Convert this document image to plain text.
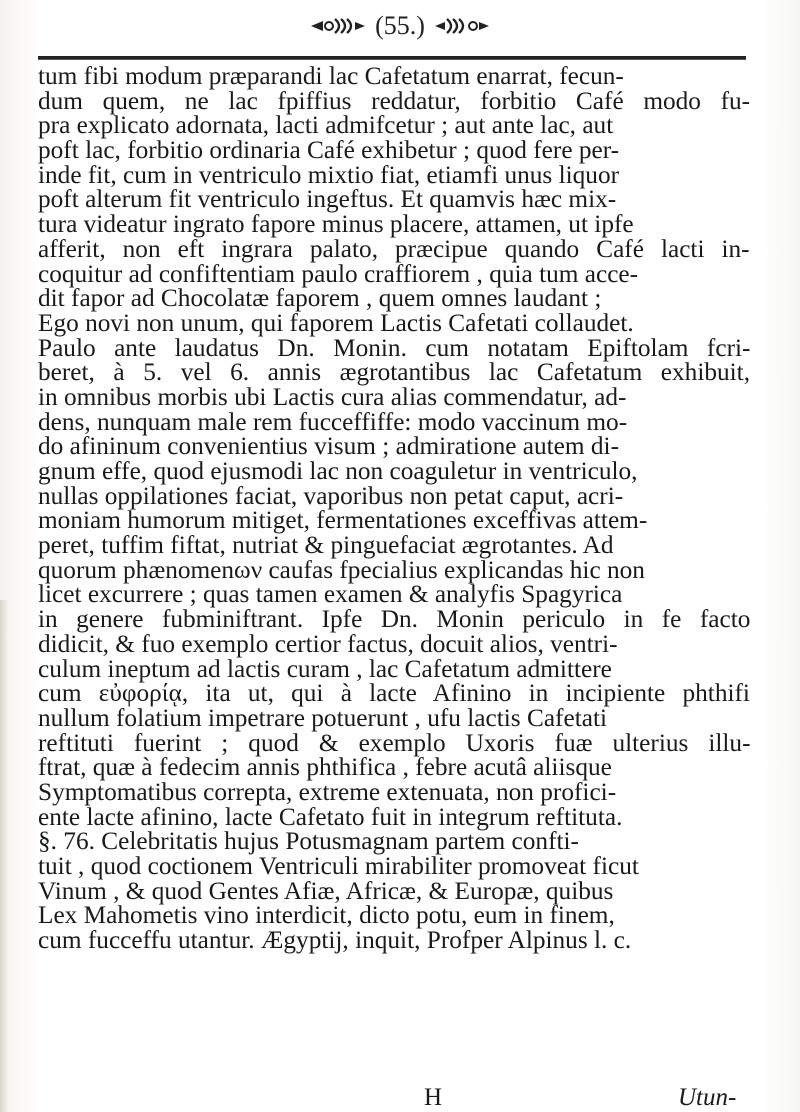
(55.)
tum fibi modum præparandi lac Cafetatum enarrat, fecun-
dum quem, ne lac fpiffius reddatur, forbitio Café modo fu-
pra explicato adornata, lacti admifcetur ; aut ante lac, aut
poft lac, forbitio ordinaria Café exhibetur ; quod fere per-
inde fit, cum in ventriculo mixtio fiat, etiamfi unus liquor
poft alterum fit ventriculo ingeftus. Et quamvis hæc mix-
tura videatur ingrato fapore minus placere, attamen, ut ipfe
afferit, non eft ingrara palato, præcipue quando Café lacti in-
coquitur ad confiftentiam paulo craffiorem , quia tum acce-
dit fapor ad Chocolatæ faporem , quem omnes laudant ;
Ego novi non unum, qui faporem Lactis Cafetati collaudet.
Paulo ante laudatus Dn. Monin. cum notatam Epiftolam fcri-
beret, à 5. vel 6. annis ægrotantibus lac Cafetatum exhibuit,
in omnibus morbis ubi Lactis cura alias commendatur, ad-
dens, nunquam male rem fucceffiffe: modo vaccinum mo-
do afininum convenientius visum ; admiratione autem di-
gnum effe, quod ejusmodi lac non coaguletur in ventriculo,
nullas oppilationes faciat, vaporibus non petat caput, acri-
moniam humorum mitiget, fermentationes exceffivas attem-
peret, tuffim fiftat, nutriat & pinguefaciat ægrotantes. Ad
quorum phænomenων caufas fpecialius explicandas hic non
licet excurrere ; quas tamen examen & analyfis Spagyrica
in genere fubminiftrant. Ipfe Dn. Monin periculo in fe facto
didicit, & fuo exemplo certior factus, docuit alios, ventri-
culum ineptum ad lactis curam , lac Cafetatum admittere
cum εὐφορίᾳ, ita ut, qui à lacte Afinino in incipiente phthifi
nullum folatium impetrare potuerunt , ufu lactis Cafetati
reftituti fuerint ; quod & exemplo Uxoris fuæ ulterius illu-
ftrat, quæ à fedecim annis phthifica , febre acutâ aliisque
Symptomatibus correpta, extreme extenuata, non profici-
ente lacte afinino, lacte Cafetato fuit in integrum reftituta.
§. 76. Celebritatis hujus Potusmagnam partem confti-
tuit , quod coctionem Ventriculi mirabiliter promoveat ficut
Vinum , & quod Gentes Afiæ, Africæ, & Europæ, quibus
Lex Mahometis vino interdicit, dicto potu, eum in finem,
cum fucceffu utantur. Ægyptij, inquit, Profper Alpinus l. c.
H	Utun-
